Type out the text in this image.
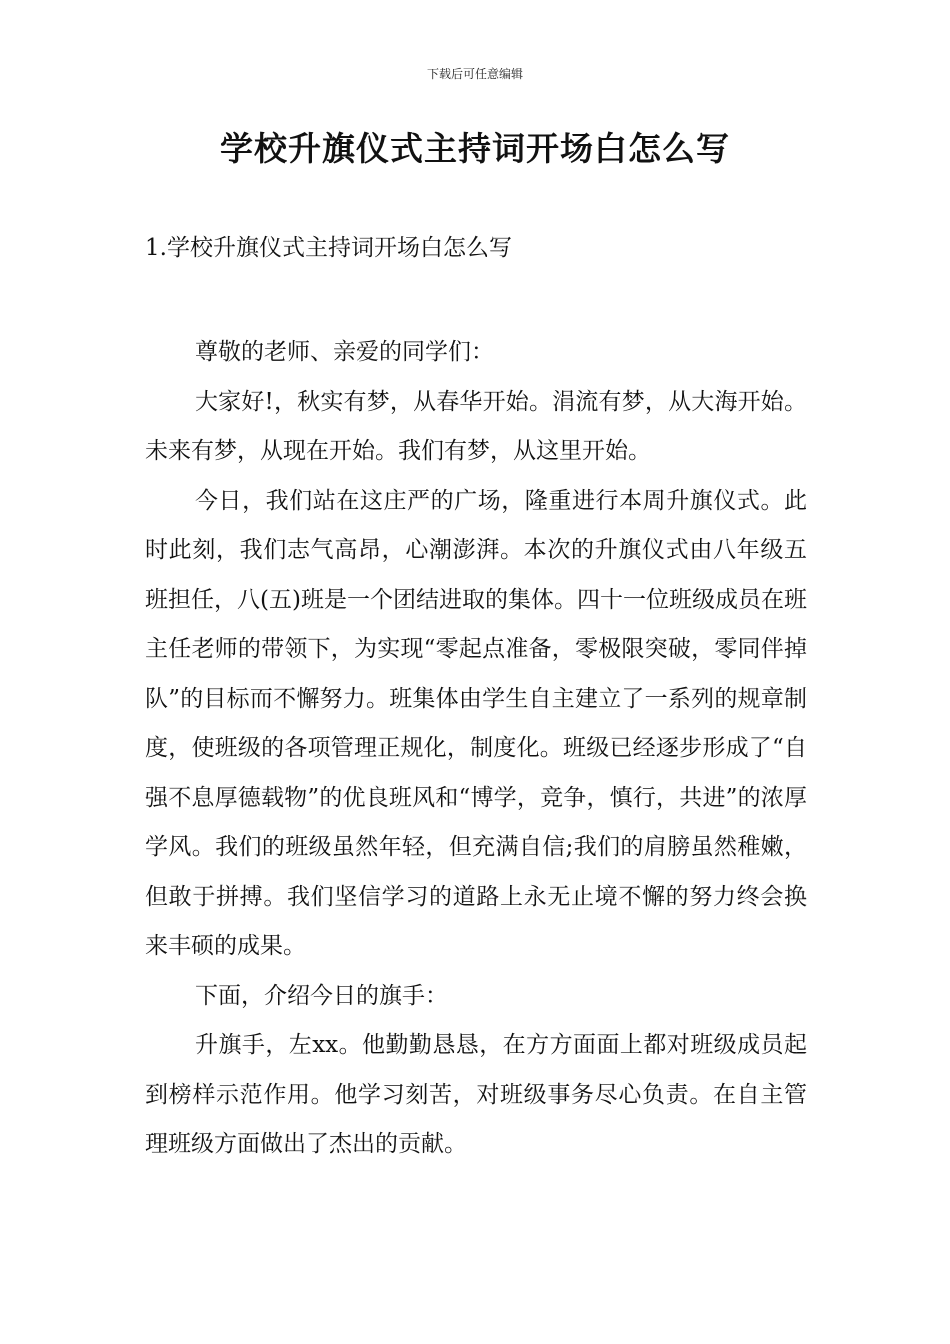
下载后可任意编辑
学校升旗仪式主持词开场白怎么写
1.学校升旗仪式主持词开场白怎么写

尊敬的老师、亲爱的同学们：

大家好!，秋实有梦，从春华开始。涓流有梦，从大海开始。未来有梦，从现在开始。我们有梦，从这里开始。

今日，我们站在这庄严的广场，隆重进行本周升旗仪式。此时此刻，我们志气高昂，心潮澎湃。本次的升旗仪式由八年级五班担任，八(五)班是一个团结进取的集体。四十一位班级成员在班主任老师的带领下，为实现“零起点准备，零极限突破，零同伴掉队”的目标而不懈努力。班集体由学生自主建立了一系列的规章制度，使班级的各项管理正规化，制度化。班级已经逐步形成了“自强不息厚德载物”的优良班风和“博学，竞争，慎行，共进”的浓厚学风。我们的班级虽然年轻，但充满自信;我们的肩膀虽然稚嫩，但敢于拼搏。我们坚信学习的道路上永无止境不懈的努力终会换来丰硕的成果。

下面，介绍今日的旗手：

升旗手，左xx。他勤勤恳恳，在方方面面上都对班级成员起到榜样示范作用。他学习刻苦，对班级事务尽心负责。在自主管理班级方面做出了杰出的贡献。
